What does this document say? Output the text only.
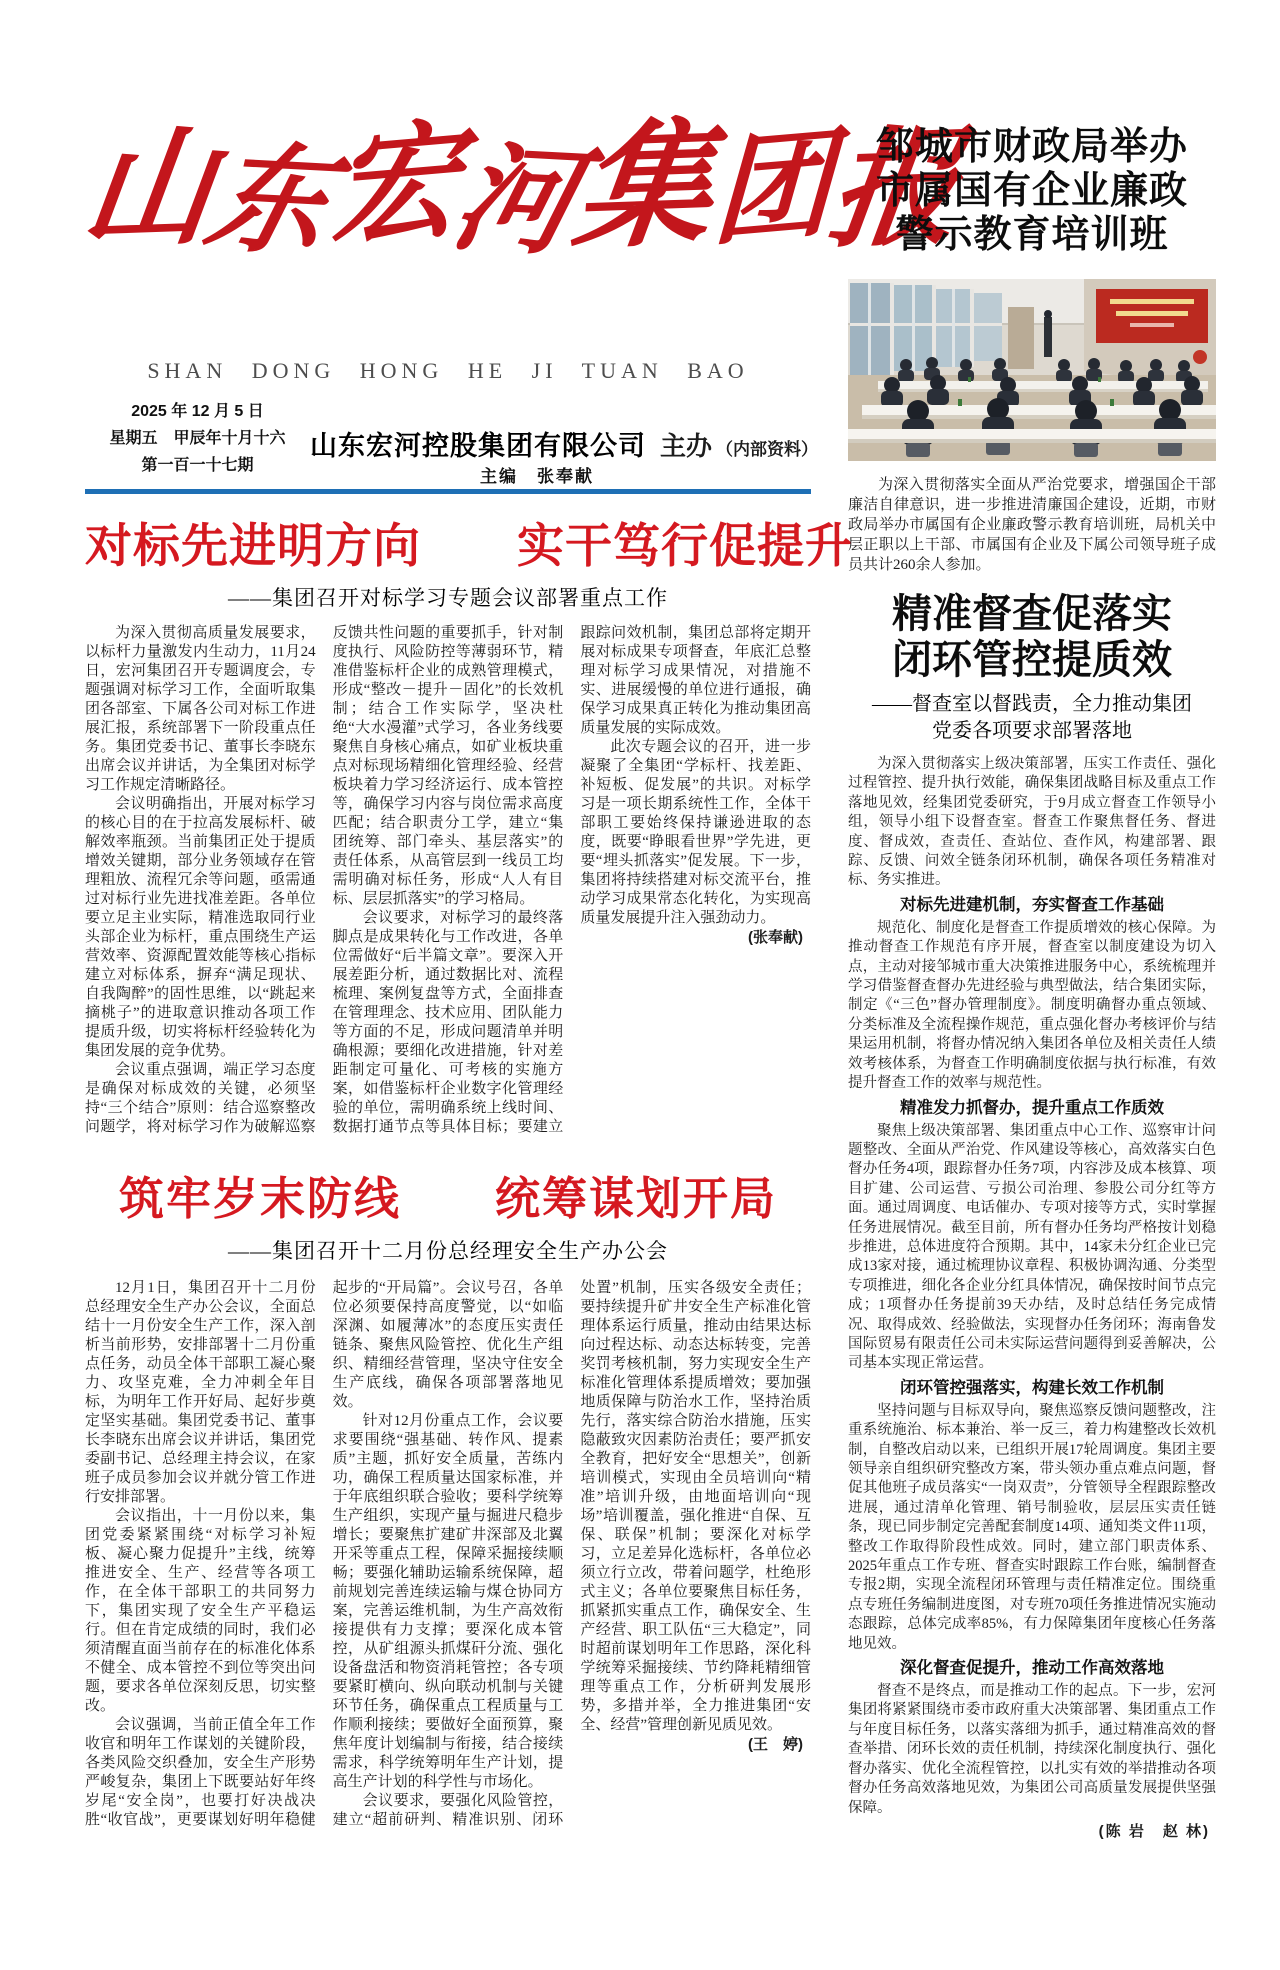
山东宏河集团报
SHAN DONG HONG HE JI TUAN BAO
2025 年 12 月 5 日
星期五　甲辰年十月十六
第一百一十七期
山东宏河控股集团有限公司 主办 （内部资料）
主编　张奉献
对标先进明方向　　实干笃行促提升
——集团召开对标学习专题会议部署重点工作

为深入贯彻高质量发展要求，以标杆力量激发内生动力，11月24日，宏河集团召开专题调度会，专题强调对标学习工作，全面听取集团各部室、下属各公司对标工作进展汇报，系统部署下一阶段重点任务。集团党委书记、董事长李晓东出席会议并讲话，为全集团对标学习工作规定清晰路径。

会议明确指出，开展对标学习的核心目的在于拉高发展标杆、破解效率瓶颈。当前集团正处于提质增效关键期，部分业务领域存在管理粗放、流程冗余等问题，亟需通过对标行业先进找准差距。各单位要立足主业实际，精准选取同行业头部企业为标杆，重点围绕生产运营效率、资源配置效能等核心指标建立对标体系，摒弃“满足现状、自我陶醉”的固性思维，以“跳起来摘桃子”的进取意识推动各项工作提质升级，切实将标杆经验转化为集团发展的竞争优势。

会议重点强调，端正学习态度是确保对标成效的关键，必须坚持“三个结合”原则：结合巡察整改问题学，将对标学习作为破解巡察反馈共性问题的重要抓手，针对制度执行、风险防控等薄弱环节，精准借鉴标杆企业的成熟管理模式，形成“整改－提升－固化”的长效机制；结合工作实际学，坚决杜绝“大水漫灌”式学习，各业务线要聚焦自身核心痛点，如矿业板块重点对标现场精细化管理经验、经营板块着力学习经济运行、成本管控等，确保学习内容与岗位需求高度匹配；结合职责分工学，建立“集团统筹、部门牵头、基层落实”的责任体系，从高管层到一线员工均需明确对标任务，形成“人人有目标、层层抓落实”的学习格局。

会议要求，对标学习的最终落脚点是成果转化与工作改进，各单位需做好“后半篇文章”。要深入开展差距分析，通过数据比对、流程梳理、案例复盘等方式，全面排查在管理理念、技术应用、团队能力等方面的不足，形成问题清单并明确根源；要细化改进措施，针对差距制定可量化、可考核的实施方案，如借鉴标杆企业数字化管理经验的单位，需明确系统上线时间、数据打通节点等具体目标；要建立跟踪问效机制，集团总部将定期开展对标成果专项督查，年底汇总整理对标学习成果情况，对措施不实、进展缓慢的单位进行通报，确保学习成果真正转化为推动集团高质量发展的实际成效。

此次专题会议的召开，进一步凝聚了全集团“学标杆、找差距、补短板、促发展”的共识。对标学习是一项长期系统性工作，全体干部职工要始终保持谦逊进取的态度，既要“睁眼看世界”学先进，更要“埋头抓落实”促发展。下一步，集团将持续搭建对标交流平台，推动学习成果常态化转化，为实现高质量发展提升注入强劲动力。

(张奉献)
筑牢岁末防线　　统筹谋划开局
——集团召开十二月份总经理安全生产办公会

12月1日，集团召开十二月份总经理安全生产办公会议，全面总结十一月份安全生产工作，深入剖析当前形势，安排部署十二月份重点任务，动员全体干部职工凝心聚力、攻坚克难，全力冲刺全年目标，为明年工作开好局、起好步奠定坚实基础。集团党委书记、董事长李晓东出席会议并讲话，集团党委副书记、总经理主持会议，在家班子成员参加会议并就分管工作进行安排部署。

会议指出，十一月份以来，集团党委紧紧围绕“对标学习补短板、凝心聚力促提升”主线，统筹推进安全、生产、经营等各项工作，在全体干部职工的共同努力下，集团实现了安全生产平稳运行。但在肯定成绩的同时，我们必须清醒直面当前存在的标准化体系不健全、成本管控不到位等突出问题，要求各单位深刻反思，切实整改。

会议强调，当前正值全年工作收官和明年工作谋划的关键阶段，各类风险交织叠加，安全生产形势严峻复杂，集团上下既要站好年终岁尾“安全岗”，也要打好决战决胜“收官战”，更要谋划好明年稳健起步的“开局篇”。会议号召，各单位必须要保持高度警觉，以“如临深渊、如履薄冰”的态度压实责任链条、聚焦风险管控、优化生产组织、精细经营管理，坚决守住安全生产底线，确保各项部署落地见效。

针对12月份重点工作，会议要求要围绕“强基础、转作风、提素质”主题，抓好安全质量，苦练内功，确保工程质量达国家标准，并于年底组织联合验收；要科学统筹生产组织，实现产量与掘进尺稳步增长；要聚焦扩建矿井深部及北翼开采等重点工程，保障采掘接续顺畅；要强化辅助运输系统保障，超前规划完善连续运输与煤仓协同方案，完善运维机制，为生产高效衔接提供有力支撑；要深化成本管控，从矿组源头抓煤矸分流、强化设备盘活和物资消耗管控；各专项要紧盯横向、纵向联动机制与关键环节任务，确保重点工程质量与工作顺利接续；要做好全面预算，聚焦年度计划编制与衔接，结合接续需求，科学统筹明年生产计划，提高生产计划的科学性与市场化。

会议要求，要强化风险管控，建立“超前研判、精准识别、闭环处置”机制，压实各级安全责任；要持续提升矿井安全生产标准化管理体系运行质量，推动由结果达标向过程达标、动态达标转变，完善奖罚考核机制，努力实现安全生产标准化管理体系提质增效；要加强地质保障与防治水工作，坚持治质先行，落实综合防治水措施，压实隐蔽致灾因素防治责任；要严抓安全教育，把好安全“思想关”，创新培训模式，实现由全员培训向“精准”培训升级，由地面培训向“现场”培训覆盖，强化推进“自保、互保、联保”机制；要深化对标学习，立足差异化选标杆，各单位必须立行立改，带着问题学，杜绝形式主义；各单位要聚焦目标任务，抓紧抓实重点工作，确保安全、生产经营、职工队伍“三大稳定”，同时超前谋划明年工作思路，深化科学统筹采掘接续、节约降耗精细管理等重点工作，分析研判发展形势，多措并举，全力推进集团“安全、经营”管理创新见质见效。

(王　婷)
邹城市财政局举办
市属国有企业廉政
警示教育培训班

为深入贯彻落实全面从严治党要求，增强国企干部廉洁自律意识，进一步推进清廉国企建设，近期，市财政局举办市属国有企业廉政警示教育培训班，局机关中层正职以上干部、市属国有企业及下属公司领导班子成员共计260余人参加。

精准督查促落实
闭环管控提质效
——督查室以督践责，全力推动集团
党委各项要求部署落地

为深入贯彻落实上级决策部署，压实工作责任、强化过程管控、提升执行效能，确保集团战略目标及重点工作落地见效，经集团党委研究，于9月成立督查工作领导小组，领导小组下设督查室。督查工作聚焦督任务、督进度、督成效，查责任、查站位、查作风，构建部署、跟踪、反馈、问效全链条闭环机制，确保各项任务精准对标、务实推进。

对标先进建机制，夯实督查工作基础

规范化、制度化是督查工作提质增效的核心保障。为推动督查工作规范有序开展，督查室以制度建设为切入点，主动对接邹城市重大决策推进服务中心，系统梳理并学习借鉴督查督办先进经验与典型做法，结合集团实际，制定《“三色”督办管理制度》。制度明确督办重点领域、分类标准及全流程操作规范，重点强化督办考核评价与结果运用机制，将督办情况纳入集团各单位及相关责任人绩效考核体系，为督查工作明确制度依据与执行标准，有效提升督查工作的效率与规范性。

精准发力抓督办，提升重点工作质效

聚焦上级决策部署、集团重点中心工作、巡察审计问题整改、全面从严治党、作风建设等核心，高效落实白色督办任务4项，跟踪督办任务7项，内容涉及成本核算、项目扩建、公司运营、亏损公司治理、参股公司分红等方面。通过周调度、电话催办、专项对接等方式，实时掌握任务进展情况。截至目前，所有督办任务均严格按计划稳步推进，总体进度符合预期。其中，14家未分红企业已完成13家对接，通过梳理协议章程、积极协调沟通、分类型专项推进，细化各企业分红具体情况，确保按时间节点完成；1项督办任务提前39天办结，及时总结任务完成情况、取得成效、经验做法，实现督办任务闭环；海南鲁发国际贸易有限责任公司未实际运营问题得到妥善解决，公司基本实现正常运营。

闭环管控强落实，构建长效工作机制

坚持问题与目标双导向，聚焦巡察反馈问题整改，注重系统施治、标本兼治、举一反三，着力构建整改长效机制，自整改启动以来，已组织开展17轮周调度。集团主要领导亲自组织研究整改方案，带头领办重点难点问题，督促其他班子成员落实“一岗双责”，分管领导全程跟踪整改进展，通过清单化管理、销号制验收，层层压实责任链条，现已同步制定完善配套制度14项、通知类文件11项，整改工作取得阶段性成效。同时，建立部门职责体系、2025年重点工作专班、督查实时跟踪工作台账，编制督查专报2期，实现全流程闭环管理与责任精准定位。围绕重点专班任务编制进度图，对专班70项任务推进情况实施动态跟踪，总体完成率85%，有力保障集团年度核心任务落地见效。

深化督查促提升，推动工作高效落地

督查不是终点，而是推动工作的起点。下一步，宏河集团将紧紧围绕市委市政府重大决策部署、集团重点工作与年度目标任务，以落实落细为抓手，通过精准高效的督查举措、闭环长效的责任机制，持续深化制度执行、强化督办落实、优化全流程管控，以扎实有效的举措推动各项督办任务高效落地见效，为集团公司高质量发展提供坚强保障。

(陈 岩　赵 林)
